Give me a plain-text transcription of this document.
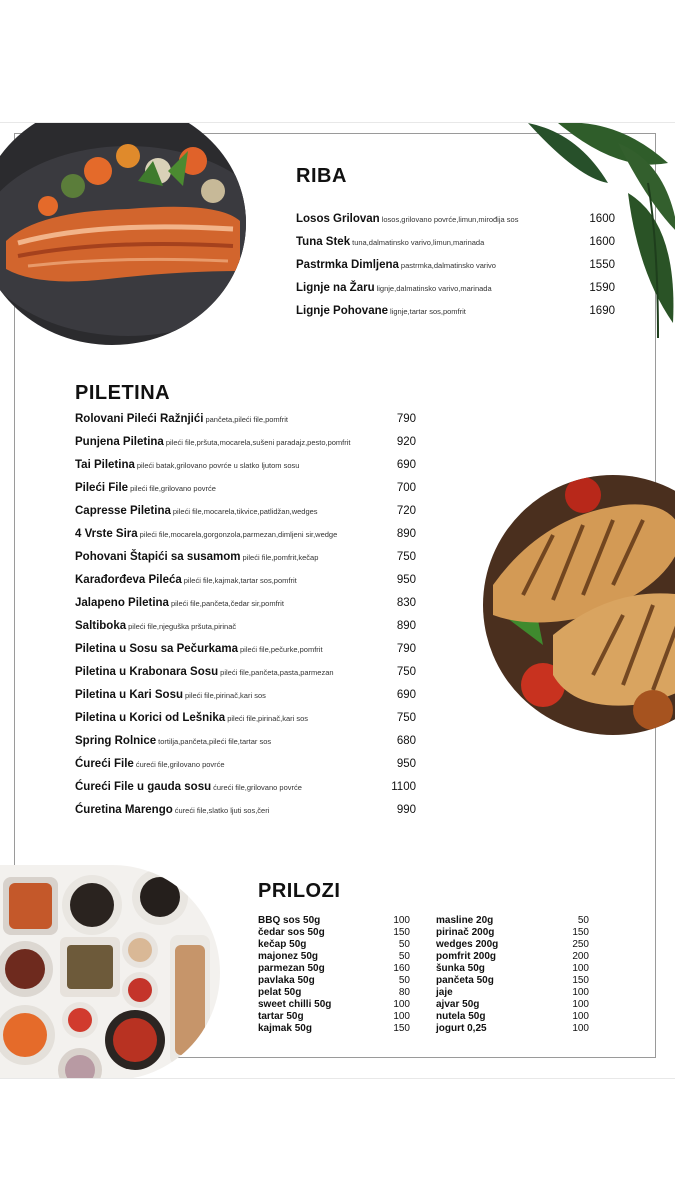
RIBA
Losos Grilovan losos,grilovano povrće,limun,mirođija sos	1600
Tuna Stek tuna,dalmatinsko varivo,limun,marinada	1600
Pastrmka Dimljena pastrmka,dalmatinsko varivo	1550
Lignje na Žaru lignje,dalmatinsko varivo,marinada	1590
Lignje Pohovane lignje,tartar sos,pomfrit	1690
PILETINA
Rolovani Pileći Ražnjići pančeta,pileći file,pomfrit	790
Punjena Piletina pileći file,pršuta,mocarela,sušeni paradajz,pesto,pomfrit	920
Tai Piletina pileći batak,grilovano povrće u slatko ljutom sosu	690
Pileći File pileći file,grilovano povrće	700
Capresse Piletina pileći file,mocarela,tikvice,patlidžan,wedges	720
4 Vrste Sira pileći file,mocarela,gorgonzola,parmezan,dimljeni sir,wedge	890
Pohovani Štapići sa susamom pileći file,pomfrit,kečap	750
Karađorđeva Pileća pileći file,kajmak,tartar sos,pomfrit	950
Jalapeno Piletina pileći file,pančeta,čedar sir,pomfrit	830
Saltiboka pileći file,njeguška pršuta,pirinač	890
Piletina u Sosu sa Pečurkama pileći file,pečurke,pomfrit	790
Piletina u Krabonara Sosu pileći file,pančeta,pasta,parmezan	750
Piletina u Kari Sosu pileći file,pirinač,kari sos	690
Piletina u Korici od Lešnika pileći file,pirinač,kari sos	750
Spring Rolnice tortilja,pančeta,pileći file,tartar sos	680
Ćureći File ćureći file,grilovano povrće	950
Ćureći File u gauda sosu ćureći file,grilovano povrće	1100
Ćuretina Marengo ćureći file,slatko ljuti sos,čeri	990
PRILOZI
BBQ sos 50g	100
čedar sos 50g	150
kečap 50g	50
majonez 50g	50
parmezan 50g	160
pavlaka 50g	50
pelat 50g	80
sweet chilli 50g	100
tartar 50g	100
kajmak 50g	150
masline 20g	50
pirinač 200g	150
wedges 200g	250
pomfrit 200g	200
šunka 50g	100
pančeta 50g	150
jaje	100
ajvar 50g	100
nutela 50g	100
jogurt 0,25	100
